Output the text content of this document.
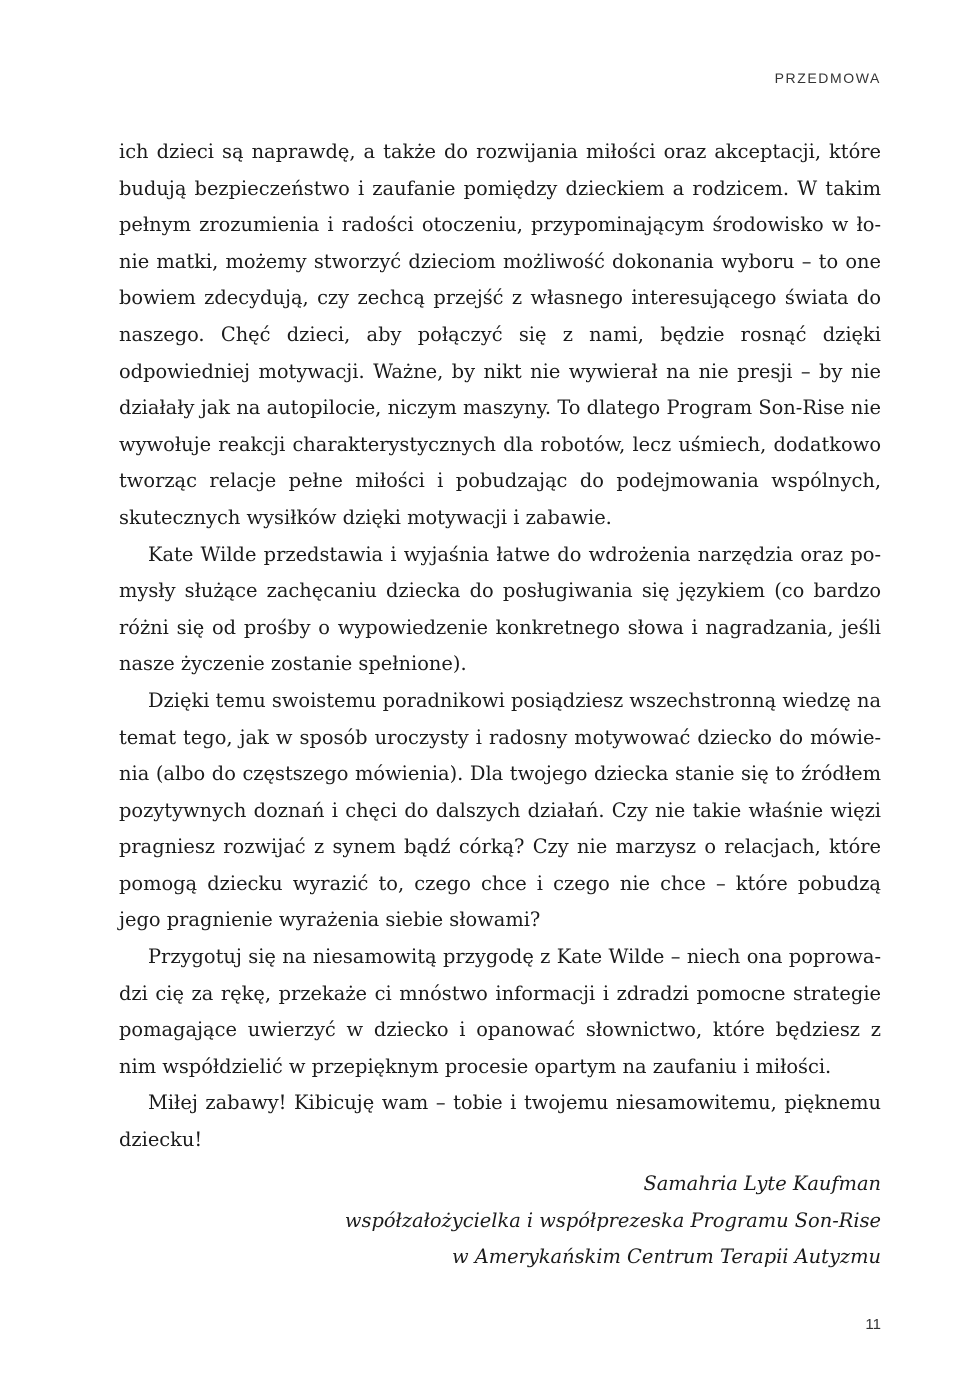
PRZEDMOWA

ich dzieci są naprawdę, a także do rozwijania miłości oraz akceptacji, które budują bezpieczeństwo i zaufanie pomiędzy dzieckiem a rodzicem. W takim pełnym zrozumienia i radości otoczeniu, przypominającym środowisko w łonie matki, możemy stworzyć dzieciom możliwość dokonania wyboru – to one bowiem zdecydują, czy zechcą przejść z własnego interesującego świata do naszego. Chęć dzieci, aby połączyć się z nami, będzie rosnąć dzięki odpowiedniej motywacji. Ważne, by nikt nie wywierał na nie presji – by nie działały jak na autopilocie, niczym maszyny. To dlatego Program Son-Rise nie wywołuje reakcji charakterystycznych dla robotów, lecz uśmiech, dodatkowo tworząc relacje pełne miłości i pobudzając do podejmowania wspólnych, skutecznych wysiłków dzięki motywacji i zabawie.

Kate Wilde przedstawia i wyjaśnia łatwe do wdrożenia narzędzia oraz pomysły służące zachęcaniu dziecka do posługiwania się językiem (co bardzo różni się od prośby o wypowiedzenie konkretnego słowa i nagradzania, jeśli nasze życzenie zostanie spełnione).

Dzięki temu swoistemu poradnikowi posiądziesz wszechstronną wiedzę na temat tego, jak w sposób uroczysty i radosny motywować dziecko do mówienia (albo do częstszego mówienia). Dla twojego dziecka stanie się to źródłem pozytywnych doznań i chęci do dalszych działań. Czy nie takie właśnie więzi pragniesz rozwijać z synem bądź córką? Czy nie marzysz o relacjach, które pomogą dziecku wyrazić to, czego chce i czego nie chce – które pobudzą jego pragnienie wyrażenia siebie słowami?

Przygotuj się na niesamowitą przygodę z Kate Wilde – niech ona poprowadzi cię za rękę, przekaże ci mnóstwo informacji i zdradzi pomocne strategie pomagające uwierzyć w dziecko i opanować słownictwo, które będziesz z nim współdzielić w przepięknym procesie opartym na zaufaniu i miłości.

Miłej zabawy! Kibicuję wam – tobie i twojemu niesamowitemu, pięknemu dziecku!

Samahria Lyte Kaufman
współzałożycielka i współprezeska Programu Son-Rise
w Amerykańskim Centrum Terapii Autyzmu
11
